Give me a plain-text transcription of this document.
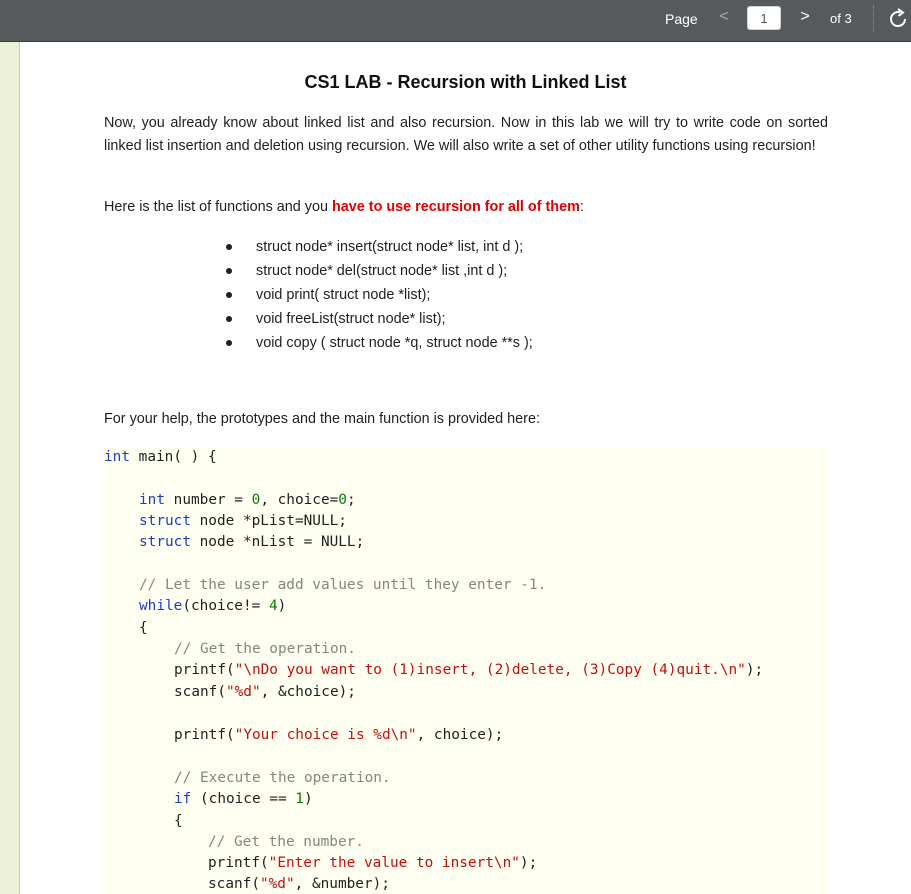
Page <
1	> of 3
CS1 LAB - Recursion with Linked List
Now, you already know about linked list and also recursion. Now in this lab we will try to write code on sorted linked list insertion and deletion using recursion. We will also write a set of other utility functions using recursion!
Here is the list of functions and you have to use recursion for all of them:
struct node* insert(struct node* list, int d );
struct node* del(struct node* list ,int d );
void print( struct node *list);
void freeList(struct node* list);
void copy ( struct node *q, struct node **s );
For your help, the prototypes and the main function is provided here:
int main( ) {
int number = 0, choice=0;
struct node *pList=NULL;
struct node *nList = NULL;
// Let the user add values until they enter -1.
while(choice!= 4)
{
// Get the operation.
printf("\nDo you want to (1)insert, (2)delete, (3)Copy (4)quit.\n");
scanf("%d", &choice);
printf("Your choice is %d\n", choice);
// Execute the operation.
if (choice == 1)
{
// Get the number.
printf("Enter the value to insert\n");
scanf("%d", &number);
